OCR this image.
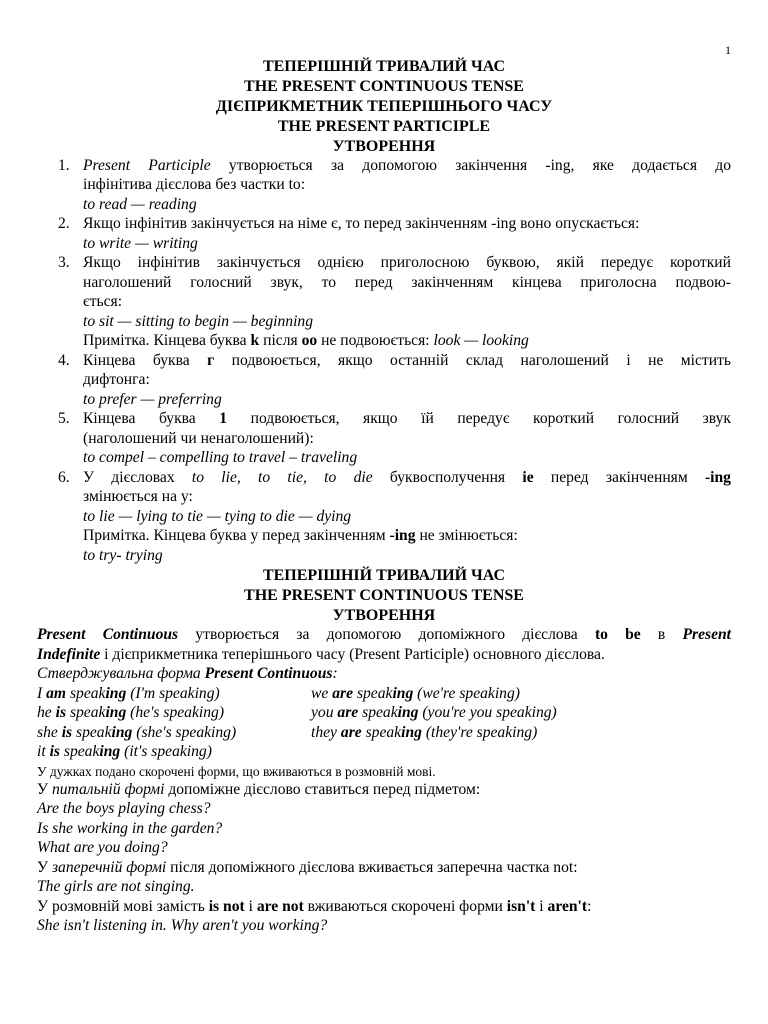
1
ТЕПЕРІШНІЙ ТРИВАЛИЙ ЧАС
THE PRESENT CONTINUOUS TENSE
ДІЄПРИКМЕТНИК ТЕПЕРІШНЬОГО ЧАСУ
THE PRESENT PARTICIPLE
УТВОРЕННЯ
1. Present Participle утворюється за допомогою закінчення -ing, яке додається до
інфінітива дієслова без частки to:
to read — reading
2. Якщо інфінітив закінчується на німе є, то перед закінченням -ing воно опускається:
to write — writing
3. Якщо інфінітив закінчується однією приголосною буквою, якій передує короткий
наголошений голосний звук, то перед закінченням кінцева приголосна подвою-
ється:
to sit — sitting to begin — beginning
Примітка. Кінцева буква k після оо не подвоюється: look — looking
4. Кінцева буква г подвоюється, якщо останній склад наголошений і не містить
дифтонга:
to prefer — preferring
5. Кінцева буква 1 подвоюється, якщо їй передує короткий голосний звук
(наголошений чи ненаголошений):
to compel – compelling to travel – traveling
6. У дієсловах to lie, to tie, to die буквосполучення ie перед закінченням -ing
змінюється на у:
to lie — lying to tie — tying to die — dying
Примітка. Кінцева буква у перед закінченням -ing не змінюється:
to try- trying
ТЕПЕРІШНІЙ ТРИВАЛИЙ ЧАС
THE PRESENT CONTINUOUS TENSE
УТВОРЕННЯ
Present Continuous утворюється за допомогою допоміжного дієслова to be в Present
Indefinite і дієприкметника теперішнього часу (Present Participle) основного дієслова.
Стверджувальна форма Present Continuous:
I am speaking (I'm speaking)	we are speaking (we're speaking)
he is speaking (he's speaking)	you are speaking (you're you speaking)
she is speaking (she's speaking)	they are speaking (they're speaking)
it is speaking (it's speaking)
У дужках подано скорочені форми, що вживаються в розмовній мові.
У питальній формі допоміжне дієслово ставиться перед підметом:
Are the boys playing chess?
Is she working in the garden?
What are you doing?
У заперечній формі після допоміжного дієслова вживається заперечна частка not:
The girls are not singing.
У розмовній мові замість is not і are not вживаються скорочені форми isn't і aren't:
She isn't listening in. Why aren't you working?
